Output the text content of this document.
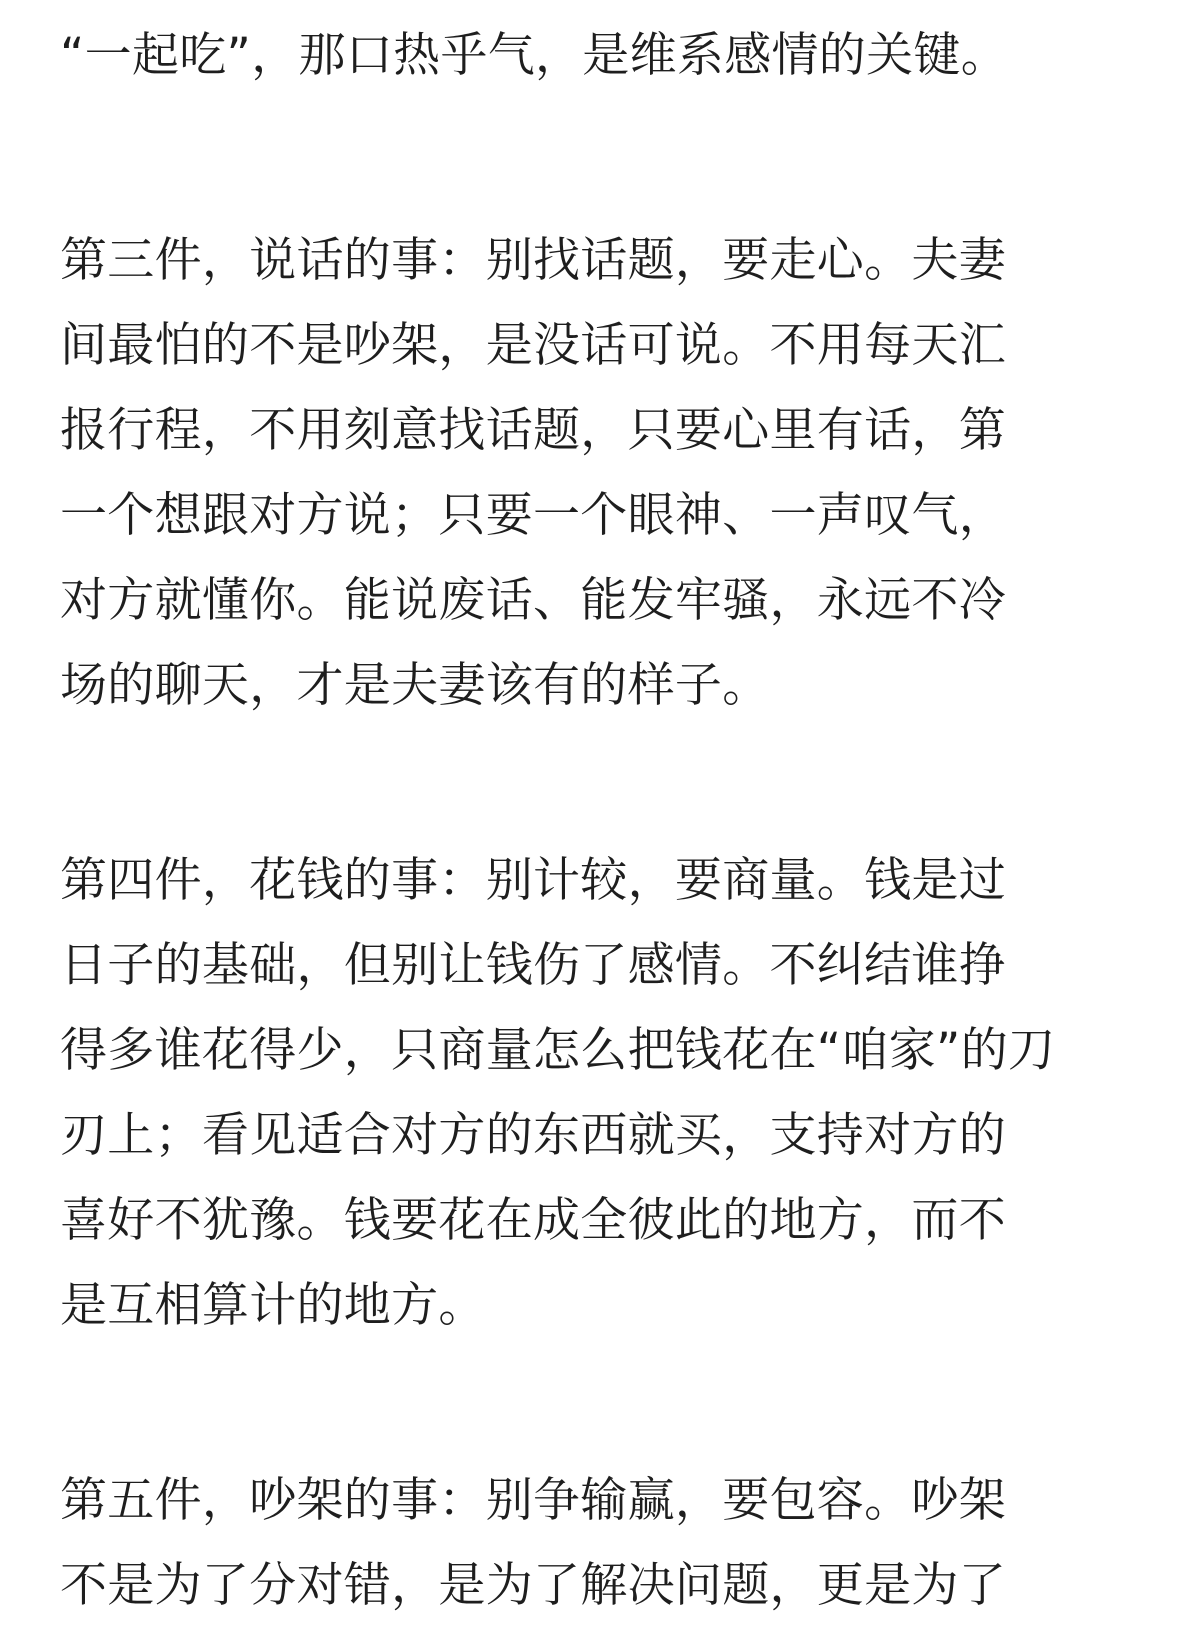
“一起吃”，那口热乎气，是维系感情的关键。

第三件，说话的事：别找话题，要走心。夫妻
间最怕的不是吵架，是没话可说。不用每天汇
报行程，不用刻意找话题，只要心里有话，第
一个想跟对方说；只要一个眼神、一声叹气，
对方就懂你。能说废话、能发牢骚，永远不冷
场的聊天，才是夫妻该有的样子。

第四件，花钱的事：别计较，要商量。钱是过
日子的基础，但别让钱伤了感情。不纠结谁挣
得多谁花得少，只商量怎么把钱花在“咱家”的刀
刃上；看见适合对方的东西就买，支持对方的
喜好不犹豫。钱要花在成全彼此的地方，而不
是互相算计的地方。

第五件，吵架的事：别争输赢，要包容。吵架
不是为了分对错，是为了解决问题，更是为了
